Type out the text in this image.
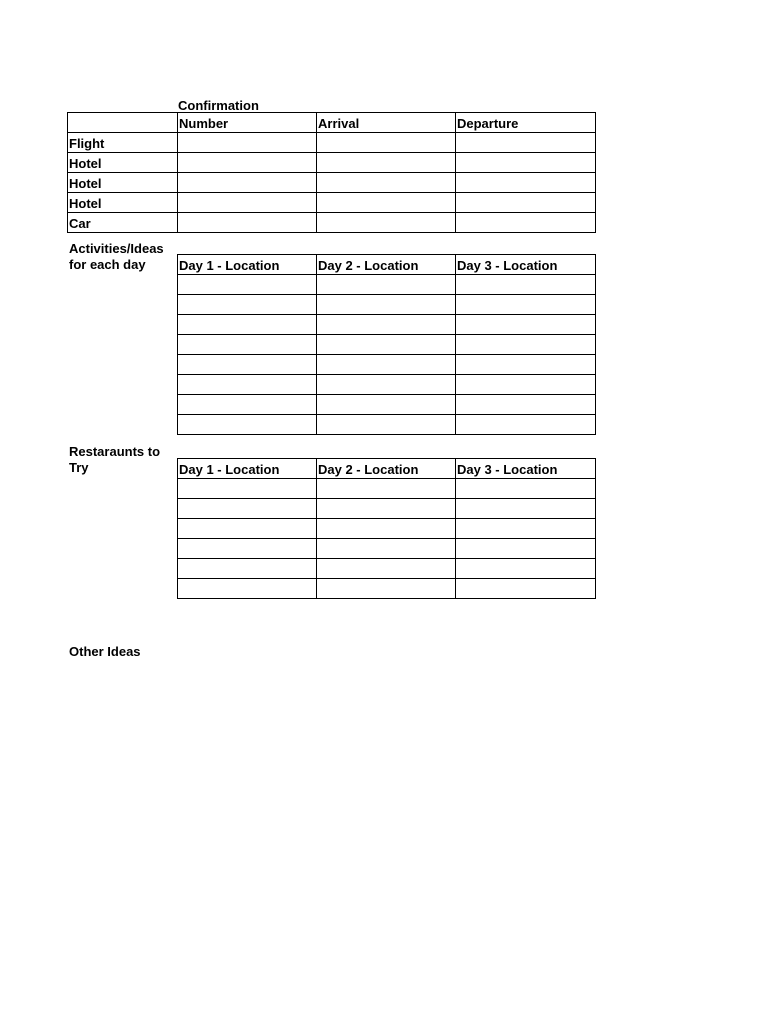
Confirmation
	Number	Arrival	Departure
Flight			
Hotel			
Hotel			
Hotel			
Car			
Activities/Ideas
for each day	Day 1 - Location	Day 2 - Location	Day 3 - Location

Restaraunts to
Try	Day 1 - Location	Day 2 - Location	Day 3 - Location

Other Ideas
